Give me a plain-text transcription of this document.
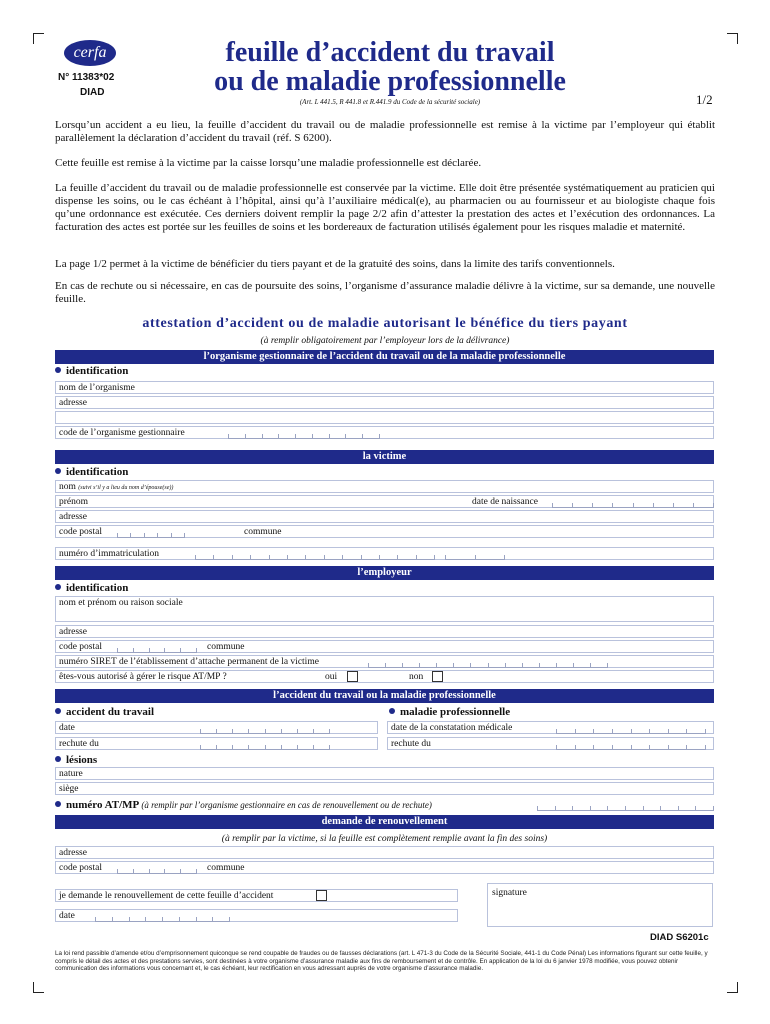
cerfa
N° 11383*02
DIAD
feuille d’accident du travail
ou de maladie professionnelle
(Art. L 441.5, R 441.8 et R.441.9 du Code de la sécurité sociale)	1/2
Lorsqu’un accident a eu lieu, la feuille d’accident du travail ou de maladie professionnelle est remise à la victime par l’employeur qui établit parallèlement la déclaration d’accident du travail (réf. S 6200).
Cette feuille est remise à la victime par la caisse lorsqu’une maladie professionnelle est déclarée.
La feuille d’accident du travail ou de maladie professionnelle est conservée par la victime. Elle doit être présentée systématiquement au praticien qui dispense les soins, ou le cas échéant à l’hôpital, ainsi qu’à l’auxiliaire médical(e), au pharmacien ou au fournisseur et au biologiste chaque fois qu’une ordonnance est exécutée. Ces derniers doivent remplir la page 2/2 afin d’attester la prestation des actes et l’exécution des ordonnances. La facturation des actes est portée sur les feuilles de soins et les bordereaux de facturation utilisés également pour les risques maladie et maternité.
La page 1/2 permet à la victime de bénéficier du tiers payant et de la gratuité des soins, dans la limite des tarifs conventionnels.
En cas de rechute ou si nécessaire, en cas de poursuite des soins, l’organisme d’assurance maladie délivre à la victime, sur sa demande, une nouvelle feuille.
attestation d’accident ou de maladie autorisant le bénéfice du tiers payant
(à remplir obligatoirement par l’employeur lors de la délivrance)
l’organisme gestionnaire de l’accident du travail ou de la maladie professionnelle
identification
nom de l’organisme
adresse
code de l’organisme gestionnaire
la victime
identification
nom (suivi s’il y a lieu du nom d’épouse(se))
prénom	date de naissance
adresse
code postal	commune
numéro d’immatriculation
l’employeur
identification
nom et prénom ou raison sociale
adresse
code postal	commune
numéro SIRET de l’établissement d’attache permanent de la victime
êtes-vous autorisé à gérer le risque AT/MP ?	oui	non
l’accident du travail ou la maladie professionnelle
accident du travail	maladie professionnelle
date	date de la constatation médicale
rechute du	rechute du
lésions
nature
siège
numéro AT/MP (à remplir par l’organisme gestionnaire en cas de renouvellement ou de rechute)
demande de renouvellement
(à remplir par la victime, si la feuille est complètement remplie avant la fin des soins)
adresse
code postal	commune
je demande le renouvellement de cette feuille d’accident
date
signature
DIAD S6201c
La loi rend passible d’amende et/ou d’emprisonnement quiconque se rend coupable de fraudes ou de fausses déclarations (art. L 471-3 du Code de la Sécurité Sociale, 441-1 du Code Pénal) Les informations figurant sur cette feuille, y compris le détail des actes et des prestations servies, sont destinées à votre organisme d’assurance maladie aux fins de remboursement et de contrôle. En application de la loi du 6 janvier 1978 modifiée, vous pouvez obtenir communication des informations vous concernant et, le cas échéant, leur rectification en vous adressant auprès de votre organisme d’assurance maladie.
